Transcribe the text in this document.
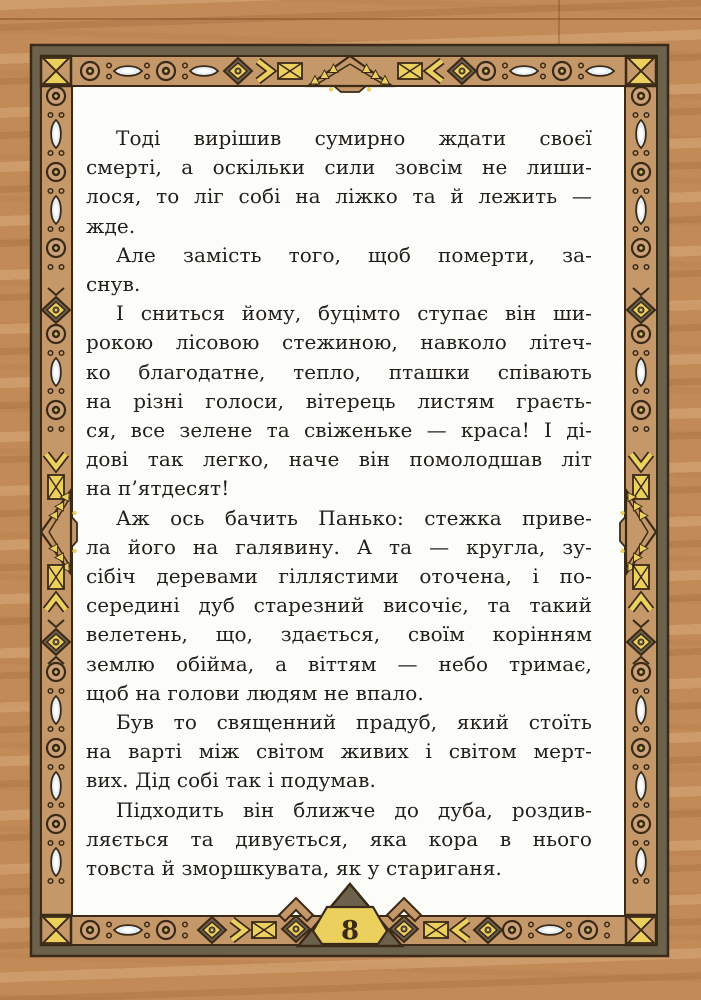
8
Тоді вирішив сумирно ждати своєї
смерті, а оскільки сили зовсім не лиши-
лося, то ліг собі на ліжко та й лежить —
жде.
Але замість того, щоб померти, за-
снув.
І сниться йому, буцімто ступає він ши-
рокою лісовою стежиною, навколо літеч-
ко благодатне, тепло, пташки співають
на різні голоси, вітерець листям граєть-
ся, все зелене та свіженьке — краса! І ді-
дові так легко, наче він помолодшав літ
на п’ятдесят!
Аж ось бачить Панько: стежка приве-
ла його на галявину. А та — кругла, зу-
сібіч деревами гіллястими оточена, і по-
середині дуб старезний височіє, та такий
велетень, що, здається, своїм корінням
землю обійма, а віттям — небо тримає,
щоб на голови людям не впало.
Був то священний прадуб, який стоїть
на варті між світом живих і світом мерт-
вих. Дід собі так і подумав.
Підходить він ближче до дуба, роздив-
ляється та дивується, яка кора в нього
товста й зморшкувата, як у стариганя.
